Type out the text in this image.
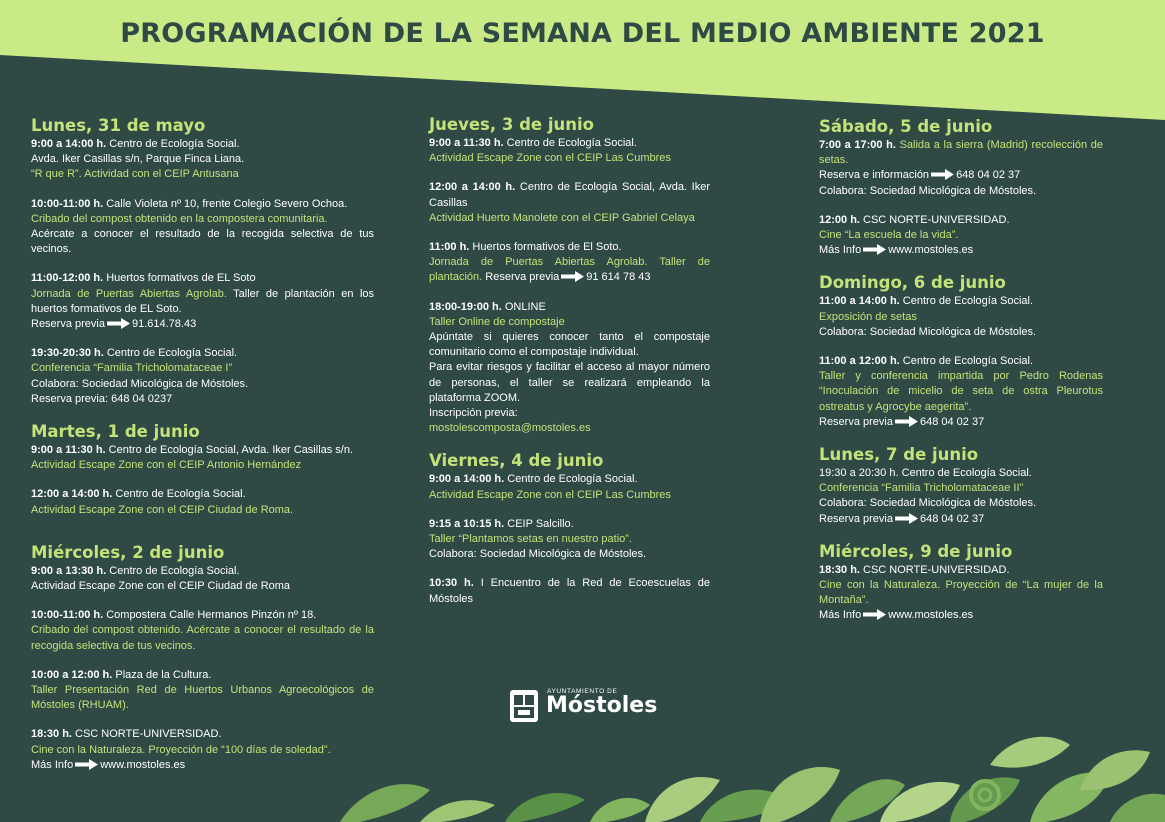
PROGRAMACIÓN DE LA SEMANA DEL MEDIO AMBIENTE 2021
Lunes, 31 de mayo
9:00 a 14:00 h. Centro de Ecología Social.
Avda. Iker Casillas s/n, Parque Finca Liana.
“R que R”. Actividad con el CEIP Antusana
10:00-11:00 h. Calle Violeta nº 10, frente Colegio Severo Ochoa.
Cribado del compost obtenido en la compostera comunitaria.
Acércate a conocer el resultado de la recogida selectiva de tus vecinos.
11:00-12:00 h. Huertos formativos de EL Soto
Jornada de Puertas Abiertas Agrolab. Taller de plantación en los huertos formativos de EL Soto.
Reserva previa 91.614.78.43
19:30-20:30 h. Centro de Ecología Social.
Conferencia “Familia Tricholomataceae I”
Colabora: Sociedad Micológica de Móstoles.
Reserva previa: 648 04 0237
Martes, 1 de junio
9:00 a 11:30 h. Centro de Ecología Social, Avda. Iker Casillas s/n.
Actividad Escape Zone con el CEIP Antonio Hernández
12:00 a 14:00 h. Centro de Ecología Social.
Actividad Escape Zone con el CEIP Ciudad de Roma.
Miércoles, 2 de junio
9:00 a 13:30 h. Centro de Ecología Social.
Actividad Escape Zone con el CEIP Ciudad de Roma
10:00-11:00 h. Compostera Calle Hermanos Pinzón nº 18.
Cribado del compost obtenido. Acércate a conocer el resultado de la recogida selectiva de tus vecinos.
10:00 a 12:00 h. Plaza de la Cultura.
Taller Presentación Red de Huertos Urbanos Agroecológicos de Móstoles (RHUAM).
18:30 h. CSC NORTE-UNIVERSIDAD.
Cine con la Naturaleza. Proyección de “100 días de soledad”.
Más Info www.mostoles.es
Jueves, 3 de junio
9:00 a 11:30 h. Centro de Ecología Social.
Actividad Escape Zone con el CEIP Las Cumbres
12:00 a 14:00 h. Centro de Ecología Social, Avda. Iker Casillas
Actividad Huerto Manolete con el CEIP Gabriel Celaya
11:00 h. Huertos formativos de El Soto.
Jornada de Puertas Abiertas Agrolab. Taller de plantación. Reserva previa 91 614 78 43
18:00-19:00 h. ONLINE
Taller Online de compostaje
Apúntate si quieres conocer tanto el compostaje comunitario como el compostaje individual.
Para evitar riesgos y facilitar el acceso al mayor número de personas, el taller se realizará empleando la plataforma ZOOM.
Inscripción previa:
mostolescomposta@mostoles.es
Viernes, 4 de junio
9:00 a 14:00 h. Centro de Ecología Social.
Actividad Escape Zone con el CEIP Las Cumbres
9:15 a 10:15 h. CEIP Salcillo.
Taller “Plantamos setas en nuestro patio”.
Colabora: Sociedad Micológica de Móstoles.
10:30 h. I Encuentro de la Red de Ecoescuelas de Móstoles
Sábado, 5 de junio
7:00 a 17:00 h. Salida a la sierra (Madrid) recolección de setas.
Reserva e información 648 04 02 37
Colabora: Sociedad Micológica de Móstoles.
12:00 h. CSC NORTE-UNIVERSIDAD.
Cine “La escuela de la vida”.
Más Info www.mostoles.es
Domingo, 6 de junio
11:00 a 14:00 h. Centro de Ecología Social.
Exposición de setas
Colabora: Sociedad Micológica de Móstoles.
11:00 a 12:00 h. Centro de Ecología Social.
Taller y conferencia impartida por Pedro Rodenas “Inoculación de micelio de seta de ostra Pleurotus ostreatus y Agrocybe aegerita”.
Reserva previa 648 04 02 37
Lunes, 7 de junio
19:30 a 20:30 h. Centro de Ecología Social.
Conferencia “Familia Tricholomataceae II”
Colabora: Sociedad Micológica de Móstoles.
Reserva previa 648 04 02 37
Miércoles, 9 de junio
18:30 h. CSC NORTE-UNIVERSIDAD.
Cine con la Naturaleza. Proyección de “La mujer de la Montaña”.
Más Info www.mostoles.es
AYUNTAMIENTO DE
Móstoles
